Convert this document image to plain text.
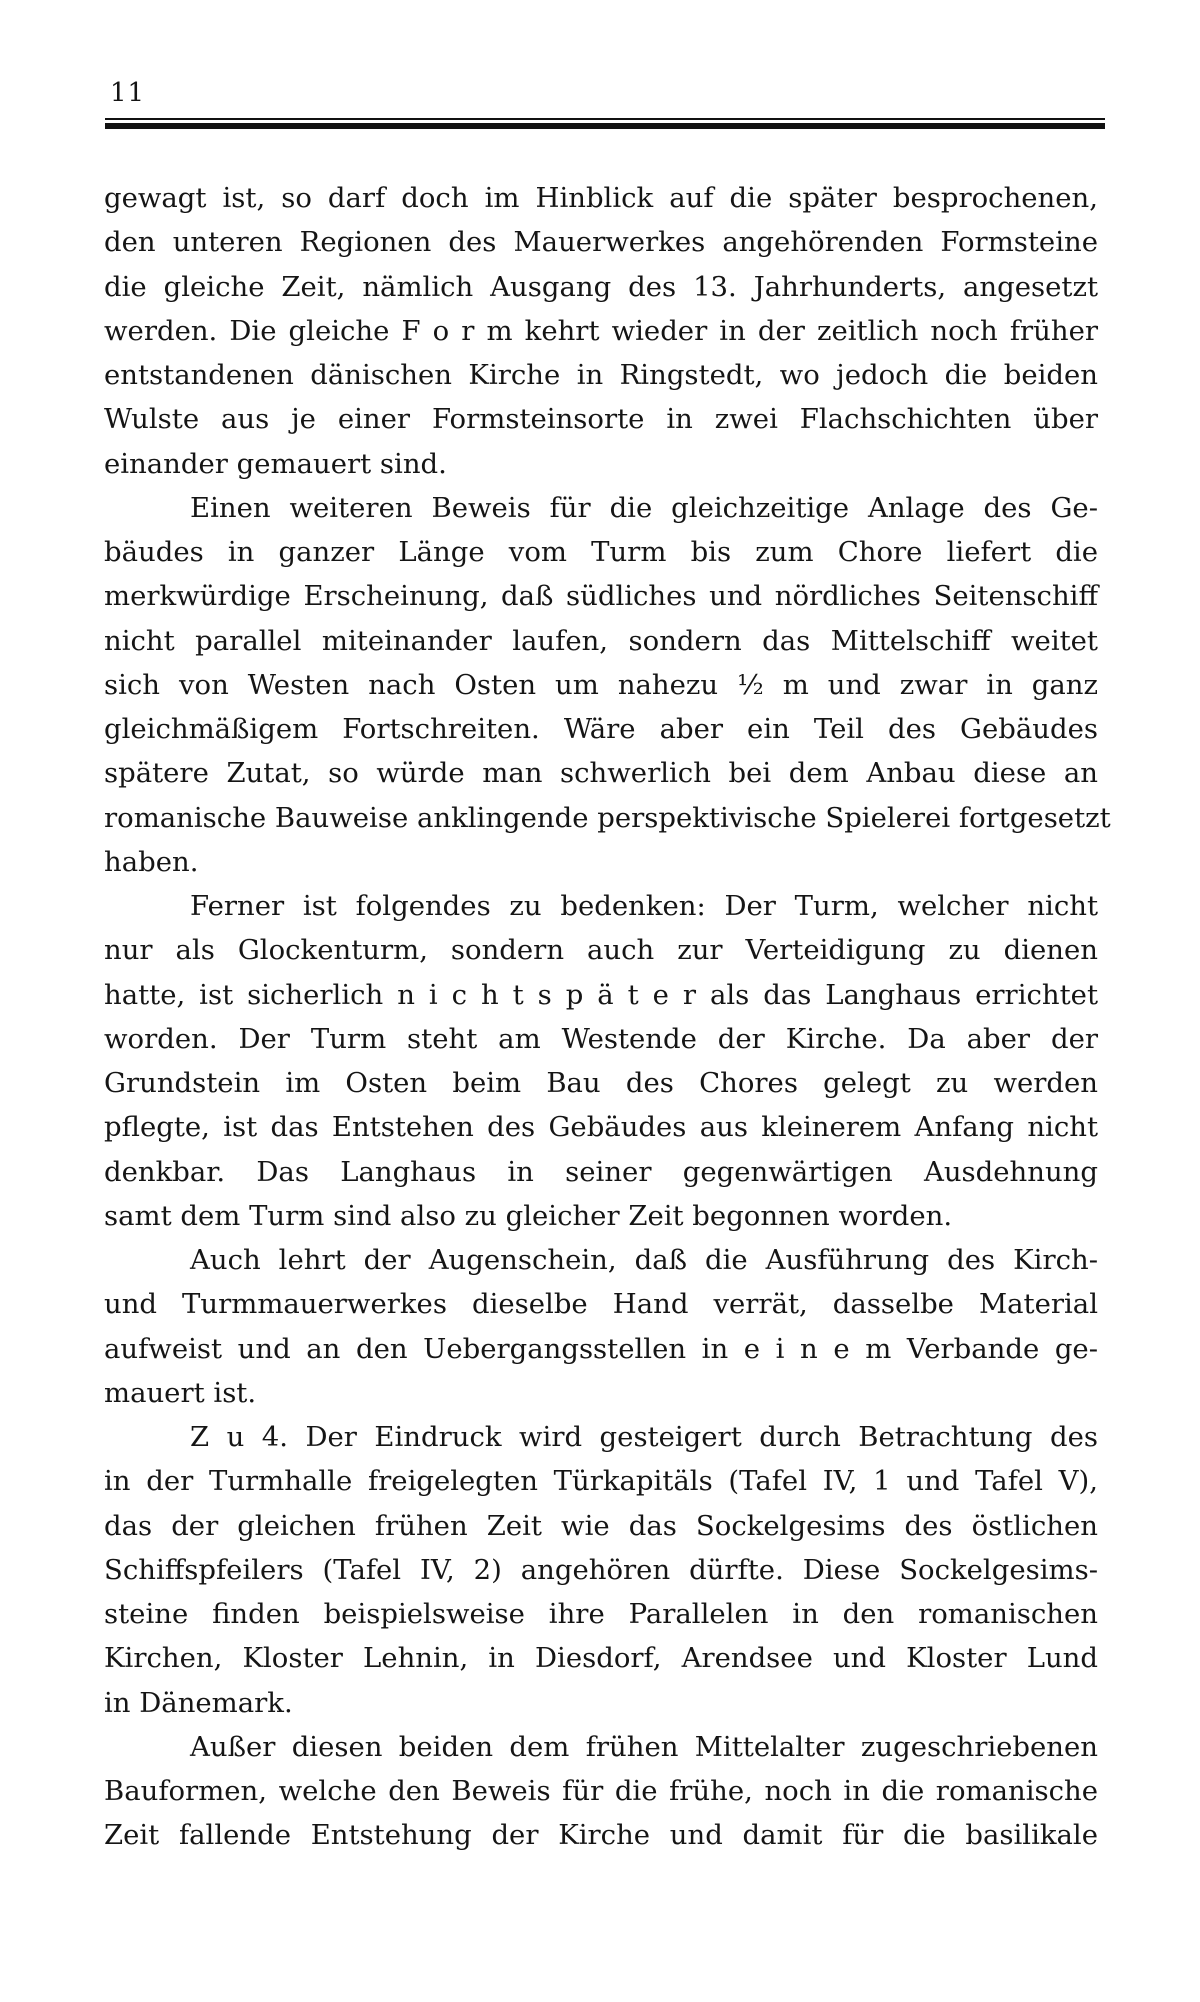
11
gewagt ist, so darf doch im Hinblick auf die später besprochenen,
den unteren Regionen des Mauerwerkes angehörenden Formsteine
die gleiche Zeit, nämlich Ausgang des 13. Jahrhunderts, angesetzt
werden. Die gleiche F o r m kehrt wieder in der zeitlich noch früher
entstandenen dänischen Kirche in Ringstedt, wo jedoch die beiden
Wulste aus je einer Formsteinsorte in zwei Flachschichten über
einander gemauert sind.
Einen weiteren Beweis für die gleichzeitige Anlage des Ge-
bäudes in ganzer Länge vom Turm bis zum Chore liefert die
merkwürdige Erscheinung, daß südliches und nördliches Seitenschiff
nicht parallel miteinander laufen, sondern das Mittelschiff weitet
sich von Westen nach Osten um nahezu ½ m und zwar in ganz
gleichmäßigem Fortschreiten. Wäre aber ein Teil des Gebäudes
spätere Zutat, so würde man schwerlich bei dem Anbau diese an
romanische Bauweise anklingende perspektivische Spielerei fortgesetzt
haben.
Ferner ist folgendes zu bedenken: Der Turm, welcher nicht
nur als Glockenturm, sondern auch zur Verteidigung zu dienen
hatte, ist sicherlich n i c h t s p ä t e r als das Langhaus errichtet
worden. Der Turm steht am Westende der Kirche. Da aber der
Grundstein im Osten beim Bau des Chores gelegt zu werden
pflegte, ist das Entstehen des Gebäudes aus kleinerem Anfang nicht
denkbar. Das Langhaus in seiner gegenwärtigen Ausdehnung
samt dem Turm sind also zu gleicher Zeit begonnen worden.
Auch lehrt der Augenschein, daß die Ausführung des Kirch-
und Turmmauerwerkes dieselbe Hand verrät, dasselbe Material
aufweist und an den Uebergangsstellen in e i n e m Verbande ge-
mauert ist.
Z u 4. Der Eindruck wird gesteigert durch Betrachtung des
in der Turmhalle freigelegten Türkapitäls (Tafel IV, 1 und Tafel V),
das der gleichen frühen Zeit wie das Sockelgesims des östlichen
Schiffspfeilers (Tafel IV, 2) angehören dürfte. Diese Sockelgesims-
steine finden beispielsweise ihre Parallelen in den romanischen
Kirchen, Kloster Lehnin, in Diesdorf, Arendsee und Kloster Lund
in Dänemark.
Außer diesen beiden dem frühen Mittelalter zugeschriebenen
Bauformen, welche den Beweis für die frühe, noch in die romanische
Zeit fallende Entstehung der Kirche und damit für die basilikale
